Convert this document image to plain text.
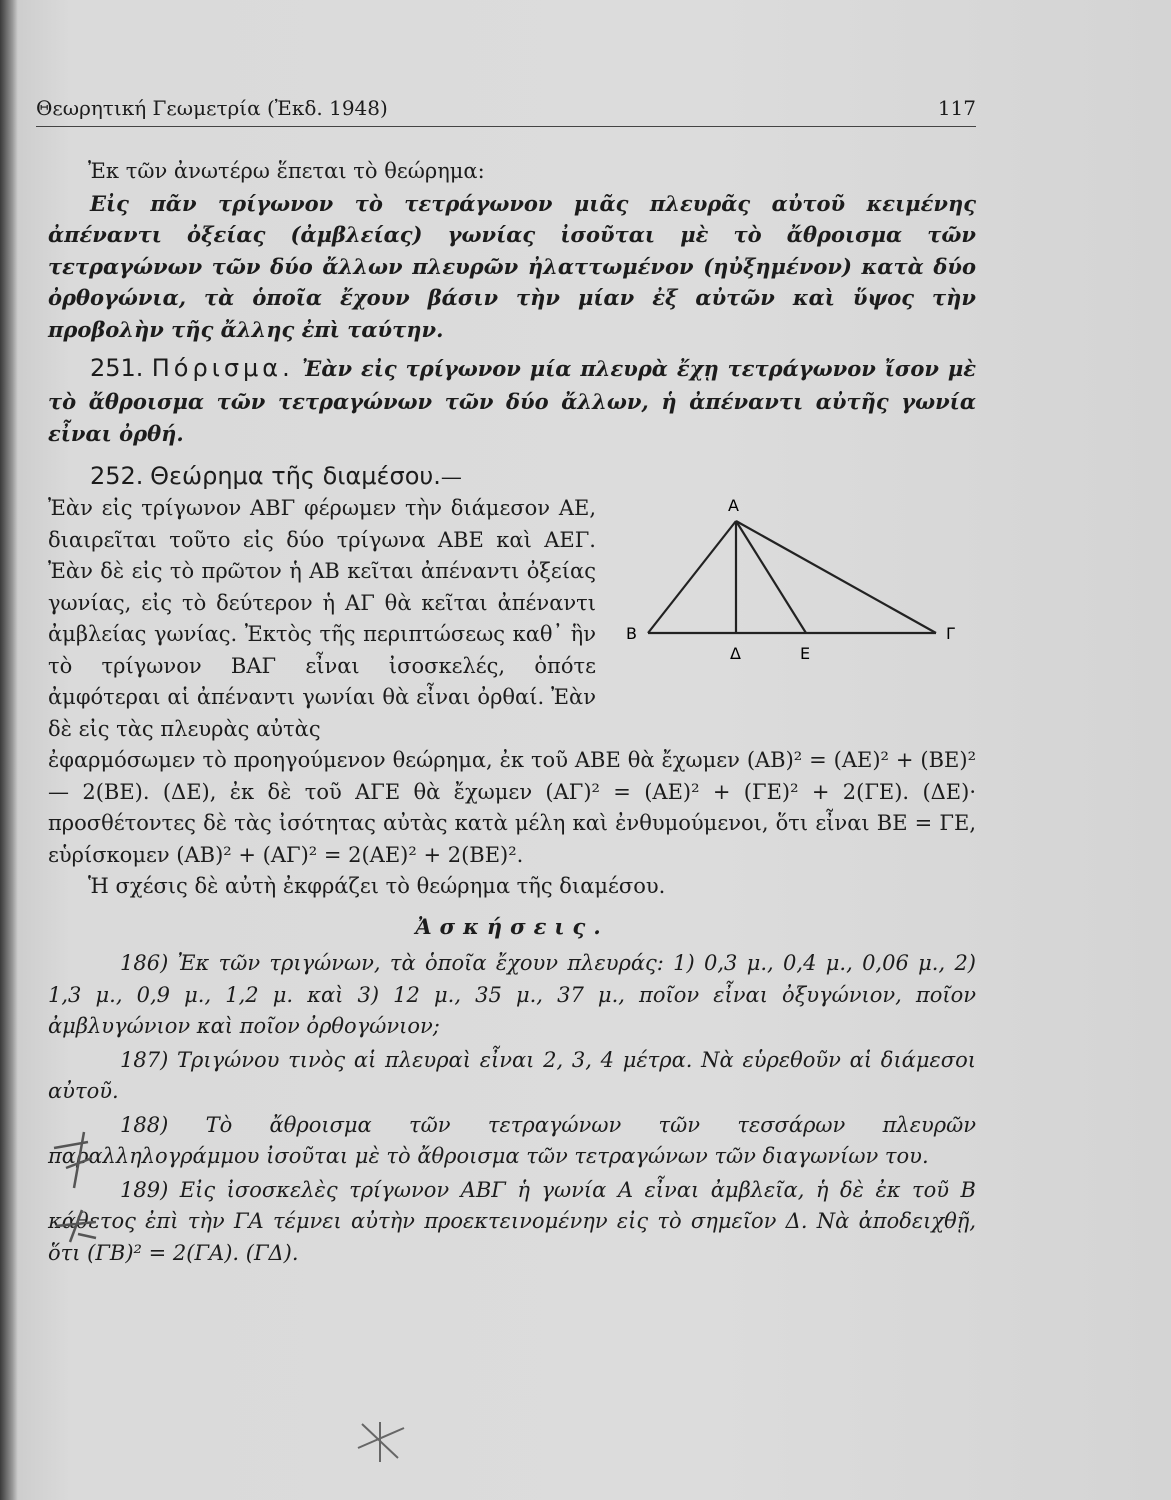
Θεωρητική Γεωμετρία (Ἐκδ. 1948)	117

Ἐκ τῶν ἀνωτέρω ἕπεται τὸ θεώρημα:

Εἰς πᾶν τρίγωνον τὸ τετράγωνον μιᾶς πλευρᾶς αὐτοῦ κειμένης ἀπέναντι ὀξείας (ἀμβλείας) γωνίας ἰσοῦται μὲ τὸ ἄθροισμα τῶν τετραγώνων τῶν δύο ἄλλων πλευρῶν ἠλαττωμένον (ηὐξημένον) κατὰ δύο ὀρθογώνια, τὰ ὁποῖα ἔχουν βάσιν τὴν μίαν ἐξ αὐτῶν καὶ ὕψος τὴν προβολὴν τῆς ἄλλης ἐπὶ ταύτην.

251. Πόρισμα. Ἐὰν εἰς τρίγωνον μία πλευρὰ ἔχῃ τετράγωνον ἴσον μὲ τὸ ἄθροισμα τῶν τετραγώνων τῶν δύο ἄλλων, ἡ ἀπέναντι αὐτῆς γωνία εἶναι ὀρθή.

252. Θεώρημα τῆς διαμέσου.—

Ἐὰν εἰς τρίγωνον ΑΒΓ φέρωμεν τὴν διάμεσον ΑΕ, διαιρεῖται τοῦτο εἰς δύο τρίγωνα ΑΒΕ καὶ ΑΕΓ. Ἐὰν δὲ εἰς τὸ πρῶτον ἡ ΑΒ κεῖται ἀπέναντι ὀξείας γωνίας, εἰς τὸ δεύτερον ἡ ΑΓ θὰ κεῖται ἀπέναντι ἀμβλείας γωνίας. Ἐκτὸς τῆς περιπτώσεως καθ᾽ ἣν τὸ τρίγωνον ΒΑΓ εἶναι ἰσοσκελές, ὁπότε ἀμφότεραι αἱ ἀπέναντι γωνίαι θὰ εἶναι ὀρθαί. Ἐὰν δὲ εἰς τὰς πλευρὰς αὐτὰς

Α
Β	Γ
Δ	Ε

ἐφαρμόσωμεν τὸ προηγούμενον θεώρημα, ἐκ τοῦ ΑΒΕ θὰ ἔχωμεν (ΑΒ)² = (ΑΕ)² + (ΒΕ)² — 2(ΒΕ). (ΔΕ), ἐκ δὲ τοῦ ΑΓΕ θὰ ἔχωμεν (ΑΓ)² = (ΑΕ)² + (ΓΕ)² + 2(ΓΕ). (ΔΕ)· προσθέτοντες δὲ τὰς ἰσότητας αὐτὰς κατὰ μέλη καὶ ἐνθυμούμενοι, ὅτι εἶναι ΒΕ = ΓΕ, εὑρίσκομεν (ΑΒ)² + (ΑΓ)² = 2(ΑΕ)² + 2(ΒΕ)².

Ἡ σχέσις δὲ αὐτὴ ἐκφράζει τὸ θεώρημα τῆς διαμέσου.

Ἀσκήσεις.

186) Ἐκ τῶν τριγώνων, τὰ ὁποῖα ἔχουν πλευράς: 1) 0,3 μ., 0,4 μ., 0,06 μ., 2) 1,3 μ., 0,9 μ., 1,2 μ. καὶ 3) 12 μ., 35 μ., 37 μ., ποῖον εἶναι ὀξυγώνιον, ποῖον ἀμβλυγώνιον καὶ ποῖον ὀρθογώνιον;

187) Τριγώνου τινὸς αἱ πλευραὶ εἶναι 2, 3, 4 μέτρα. Νὰ εὑρεθοῦν αἱ διάμεσοι αὐτοῦ.

188) Τὸ ἄθροισμα τῶν τετραγώνων τῶν τεσσάρων πλευρῶν παραλληλογράμμου ἰσοῦται μὲ τὸ ἄθροισμα τῶν τετραγώνων τῶν διαγωνίων του.

189) Εἰς ἰσοσκελὲς τρίγωνον ΑΒΓ ἡ γωνία Α εἶναι ἀμβλεῖα, ἡ δὲ ἐκ τοῦ Β κάθετος ἐπὶ τὴν ΓΑ τέμνει αὐτὴν προεκτεινομένην εἰς τὸ σημεῖον Δ. Νὰ ἀποδειχθῇ, ὅτι (ΓΒ)² = 2(ΓΑ). (ΓΔ).
